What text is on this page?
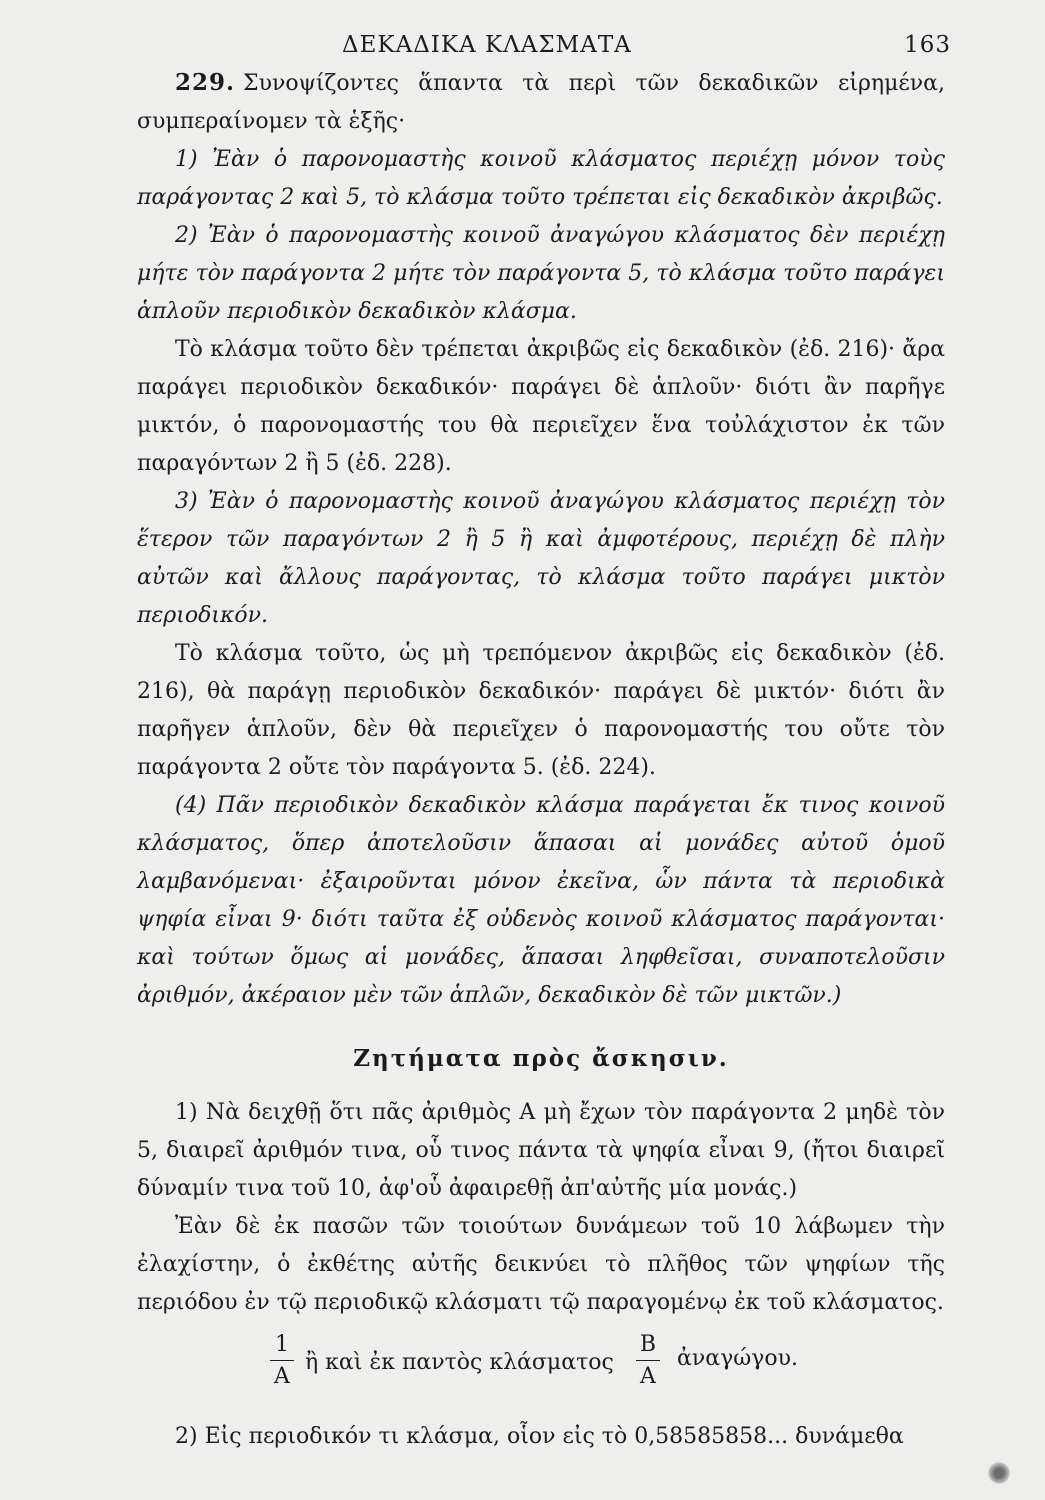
ΔΕΚΑΔΙΚΑ ΚΛΑΣΜΑΤΑ	163

229. Συνοψίζοντες ἅπαντα τὰ περὶ τῶν δεκαδικῶν εἰρημένα, συμπεραίνομεν τὰ ἑξῆς·

1) Ἐὰν ὁ παρονομαστὴς κοινοῦ κλάσματος περιέχῃ μόνον τοὺς παράγοντας 2 καὶ 5, τὸ κλάσμα τοῦτο τρέπεται εἰς δεκαδικὸν ἀκριβῶς.

2) Ἐὰν ὁ παρονομαστὴς κοινοῦ ἀναγώγου κλάσματος δὲν περιέχῃ μήτε τὸν παράγοντα 2 μήτε τὸν παράγοντα 5, τὸ κλάσμα τοῦτο παράγει ἁπλοῦν περιοδικὸν δεκαδικὸν κλάσμα.

Τὸ κλάσμα τοῦτο δὲν τρέπεται ἀκριβῶς εἰς δεκαδικὸν (ἐδ. 216)· ἄρα παράγει περιοδικὸν δεκαδικόν· παράγει δὲ ἁπλοῦν· διότι ἂν παρῆγε μικτόν, ὁ παρονομαστής του θὰ περιεῖχεν ἕνα τοὐλάχιστον ἐκ τῶν παραγόντων 2 ἢ 5 (ἐδ. 228).

3) Ἐὰν ὁ παρονομαστὴς κοινοῦ ἀναγώγου κλάσματος περιέχῃ τὸν ἕτερον τῶν παραγόντων 2 ἢ 5 ἢ καὶ ἀμφοτέρους, περιέχῃ δὲ πλὴν αὐτῶν καὶ ἄλλους παράγοντας, τὸ κλάσμα τοῦτο παράγει μικτὸν περιοδικόν.

Τὸ κλάσμα τοῦτο, ὡς μὴ τρεπόμενον ἀκριβῶς εἰς δεκαδικὸν (ἐδ. 216), θὰ παράγῃ περιοδικὸν δεκαδικόν· παράγει δὲ μικτόν· διότι ἂν παρῆγεν ἁπλοῦν, δὲν θὰ περιεῖχεν ὁ παρονομαστής του οὔτε τὸν παράγοντα 2 οὔτε τὸν παράγοντα 5. (ἐδ. 224).

(4) Πᾶν περιοδικὸν δεκαδικὸν κλάσμα παράγεται ἔκ τινος κοινοῦ κλάσματος, ὅπερ ἀποτελοῦσιν ἅπασαι αἱ μονάδες αὐτοῦ ὁμοῦ λαμβανόμεναι· ἐξαιροῦνται μόνον ἐκεῖνα, ὧν πάντα τὰ περιοδικὰ ψηφία εἶναι 9· διότι ταῦτα ἐξ οὐδενὸς κοινοῦ κλάσματος παράγονται· καὶ τούτων ὅμως αἱ μονάδες, ἅπασαι ληφθεῖσαι, συναποτελοῦσιν ἀριθμόν, ἀκέραιον μὲν τῶν ἁπλῶν, δεκαδικὸν δὲ τῶν μικτῶν.)

Ζητήματα πρὸς ἄσκησιν.

1) Νὰ δειχθῇ ὅτι πᾶς ἀριθμὸς Α μὴ ἔχων τὸν παράγοντα 2 μηδὲ τὸν 5, διαιρεῖ ἀριθμόν τινα, οὗ τινος πάντα τὰ ψηφία εἶναι 9, (ἤτοι διαιρεῖ δύναμίν τινα τοῦ 10, ἀφ'οὗ ἀφαιρεθῇ ἀπ'αὐτῆς μία μονάς.)

Ἐὰν δὲ ἐκ πασῶν τῶν τοιούτων δυνάμεων τοῦ 10 λάβωμεν τὴν ἐλαχίστην, ὁ ἐκθέτης αὐτῆς δεικνύει τὸ πλῆθος τῶν ψηφίων τῆς περιόδου ἐν τῷ περιοδικῷ κλάσματι τῷ παραγομένῳ ἐκ τοῦ κλάσματος.

1
A
ἢ καὶ ἐκ παντὸς κλάσματος
B
A
ἀναγώγου.

2) Εἰς περιοδικόν τι κλάσμα, οἷον εἰς τὸ 0,58585858... δυνάμεθα
